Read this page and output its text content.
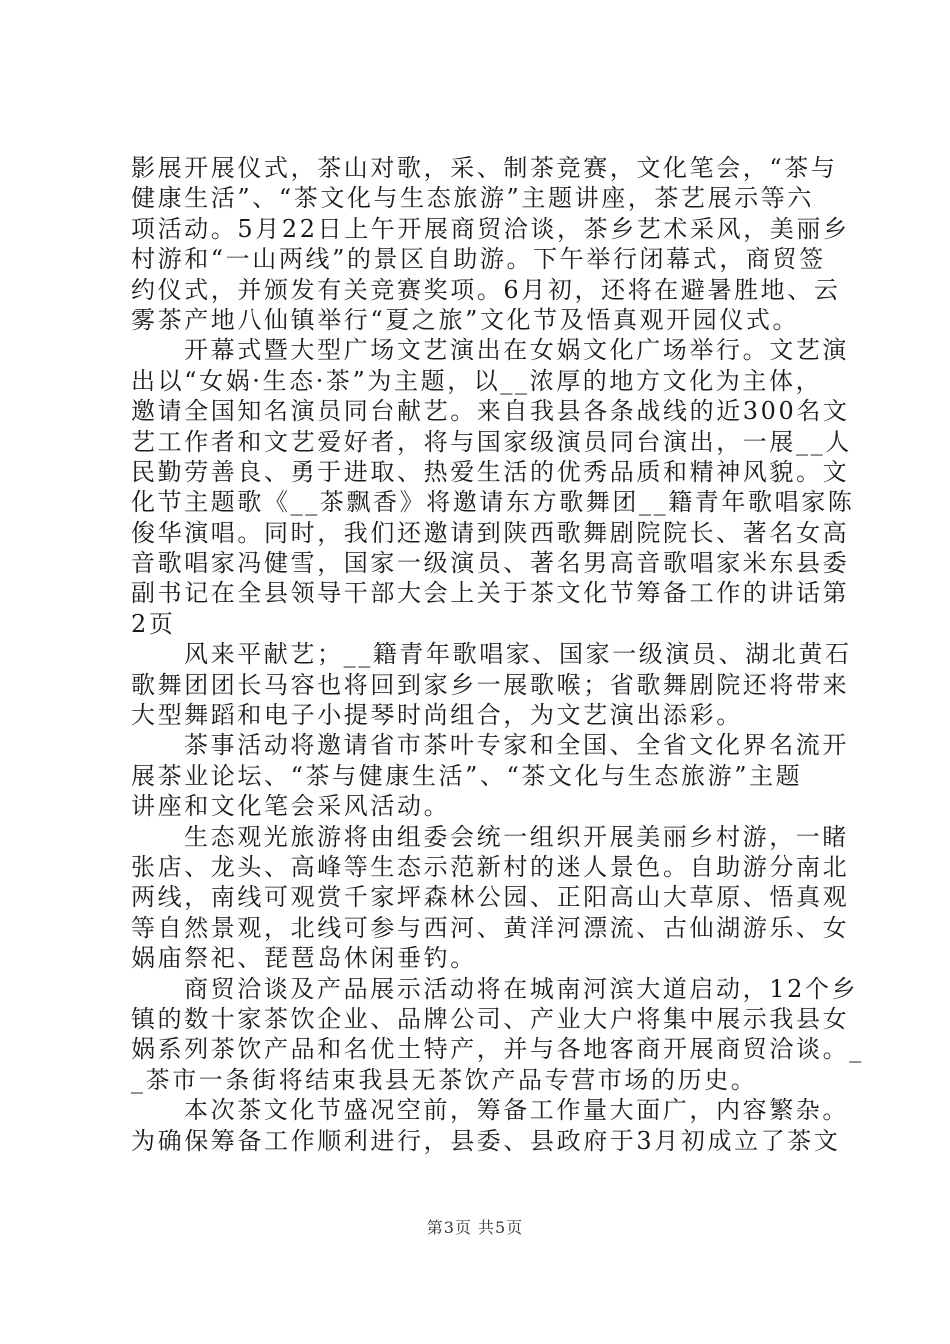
影展开展仪式，茶山对歌，采、制茶竞赛，文化笔会，“茶与
健康生活”、“茶文化与生态旅游”主题讲座，茶艺展示等六
项活动。5月22日上午开展商贸洽谈，茶乡艺术采风，美丽乡
村游和“一山两线”的景区自助游。下午举行闭幕式，商贸签
约仪式，并颁发有关竞赛奖项。6月初，还将在避暑胜地、云
雾茶产地八仙镇举行“夏之旅”文化节及悟真观开园仪式。
开幕式暨大型广场文艺演出在女娲文化广场举行。文艺演
出以“女娲·生态·茶”为主题，以__浓厚的地方文化为主体，
邀请全国知名演员同台献艺。来自我县各条战线的近300名文
艺工作者和文艺爱好者，将与国家级演员同台演出，一展__人
民勤劳善良、勇于进取、热爱生活的优秀品质和精神风貌。文
化节主题歌《__茶飘香》将邀请东方歌舞团__籍青年歌唱家陈
俊华演唱。同时，我们还邀请到陕西歌舞剧院院长、著名女高
音歌唱家冯健雪，国家一级演员、著名男高音歌唱家米东县委
副书记在全县领导干部大会上关于茶文化节筹备工作的讲话第
2页
风来平献艺；__籍青年歌唱家、国家一级演员、湖北黄石
歌舞团团长马容也将回到家乡一展歌喉；省歌舞剧院还将带来
大型舞蹈和电子小提琴时尚组合，为文艺演出添彩。
茶事活动将邀请省市茶叶专家和全国、全省文化界名流开
展茶业论坛、“茶与健康生活”、“茶文化与生态旅游”主题
讲座和文化笔会采风活动。
生态观光旅游将由组委会统一组织开展美丽乡村游，一睹
张店、龙头、高峰等生态示范新村的迷人景色。自助游分南北
两线，南线可观赏千家坪森林公园、正阳高山大草原、悟真观
等自然景观，北线可参与西河、黄洋河漂流、古仙湖游乐、女
娲庙祭祀、琵琶岛休闲垂钓。
商贸洽谈及产品展示活动将在城南河滨大道启动，12个乡
镇的数十家茶饮企业、品牌公司、产业大户将集中展示我县女
娲系列茶饮产品和名优土特产，并与各地客商开展商贸洽谈。_
_茶市一条街将结束我县无茶饮产品专营市场的历史。
本次茶文化节盛况空前，筹备工作量大面广，内容繁杂。
为确保筹备工作顺利进行，县委、县政府于3月初成立了茶文
第3页 共5页
